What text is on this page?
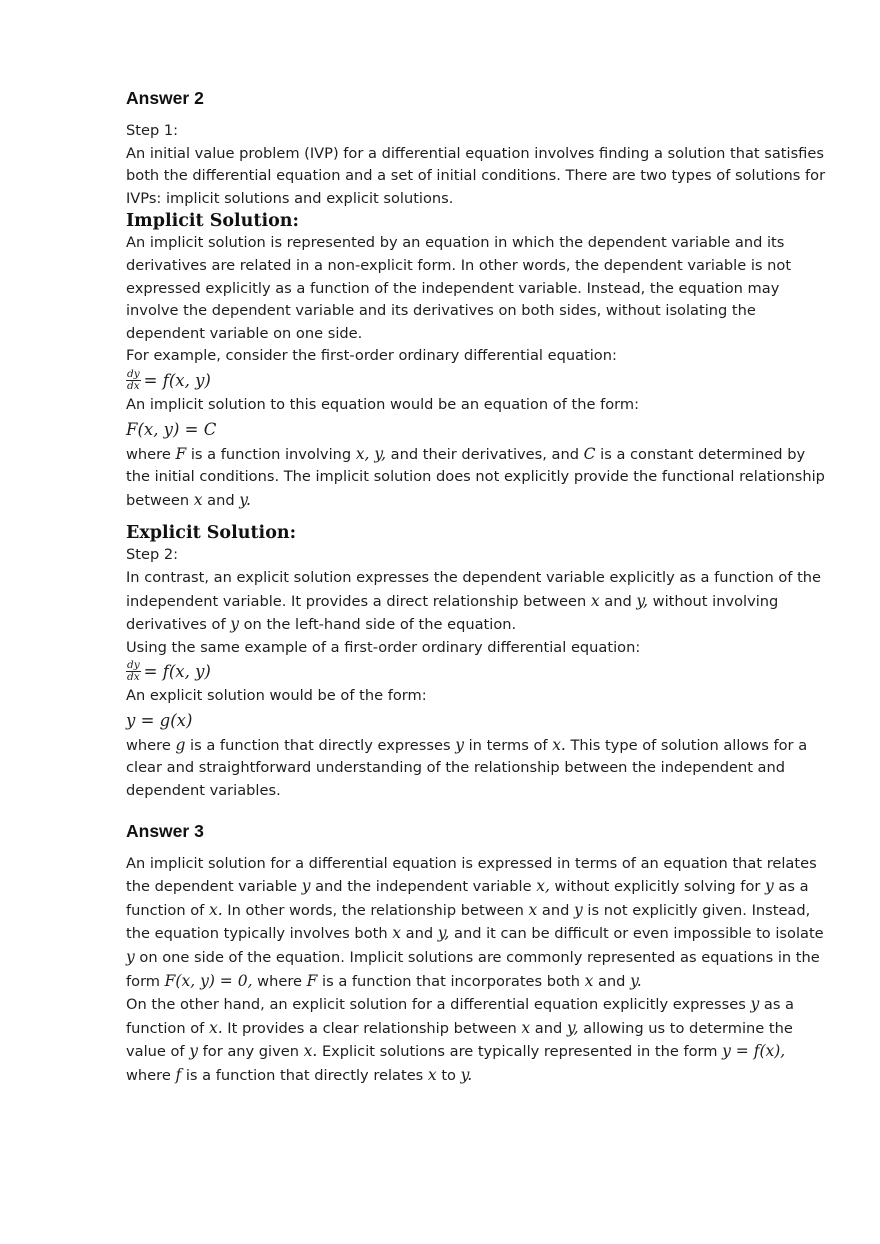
Answer 2

Step 1:

An initial value problem (IVP) for a differential equation involves finding a solution that satisfies both the differential equation and a set of initial conditions. There are two types of solutions for IVPs: implicit solutions and explicit solutions.

Implicit Solution:

An implicit solution is represented by an equation in which the dependent variable and its derivatives are related in a non-explicit form. In other words, the dependent variable is not expressed explicitly as a function of the independent variable. Instead, the equation may involve the dependent variable and its derivatives on both sides, without isolating the dependent variable on one side.

For example, consider the first-order ordinary differential equation:

$\frac{dy}{dx} = f(x$, y)

An implicit solution to this equation would be an equation of the form:

F(x, y) = C

where F is a function involving x, y, and their derivatives, and C is a constant determined by the initial conditions. The implicit solution does not explicitly provide the functional relationship between x and y.

Explicit Solution:

Step 2:

In contrast, an explicit solution expresses the dependent variable explicitly as a function of the independent variable. It provides a direct relationship between x and y, without involving derivatives of y on the left-hand side of the equation.

Using the same example of a first-order ordinary differential equation:

$\frac{dy}{dx} = f(x$, y)

An explicit solution would be of the form:

y = g(x)

where g is a function that directly expresses y in terms of x. This type of solution allows for a clear and straightforward understanding of the relationship between the independent and dependent variables.

Answer 3

An implicit solution for a differential equation is expressed in terms of an equation that relates the dependent variable y and the independent variable x, without explicitly solving for y as a function of x. In other words, the relationship between x and y is not explicitly given. Instead, the equation typically involves both x and y, and it can be difficult or even impossible to isolate y on one side of the equation. Implicit solutions are commonly represented as equations in the form F(x, y) = 0, where F is a function that incorporates both x and y.

On the other hand, an explicit solution for a differential equation explicitly expresses y as a function of x. It provides a clear relationship between x and y, allowing us to determine the value of y for any given x. Explicit solutions are typically represented in the form y = f(x), where f is a function that directly relates x to y.
